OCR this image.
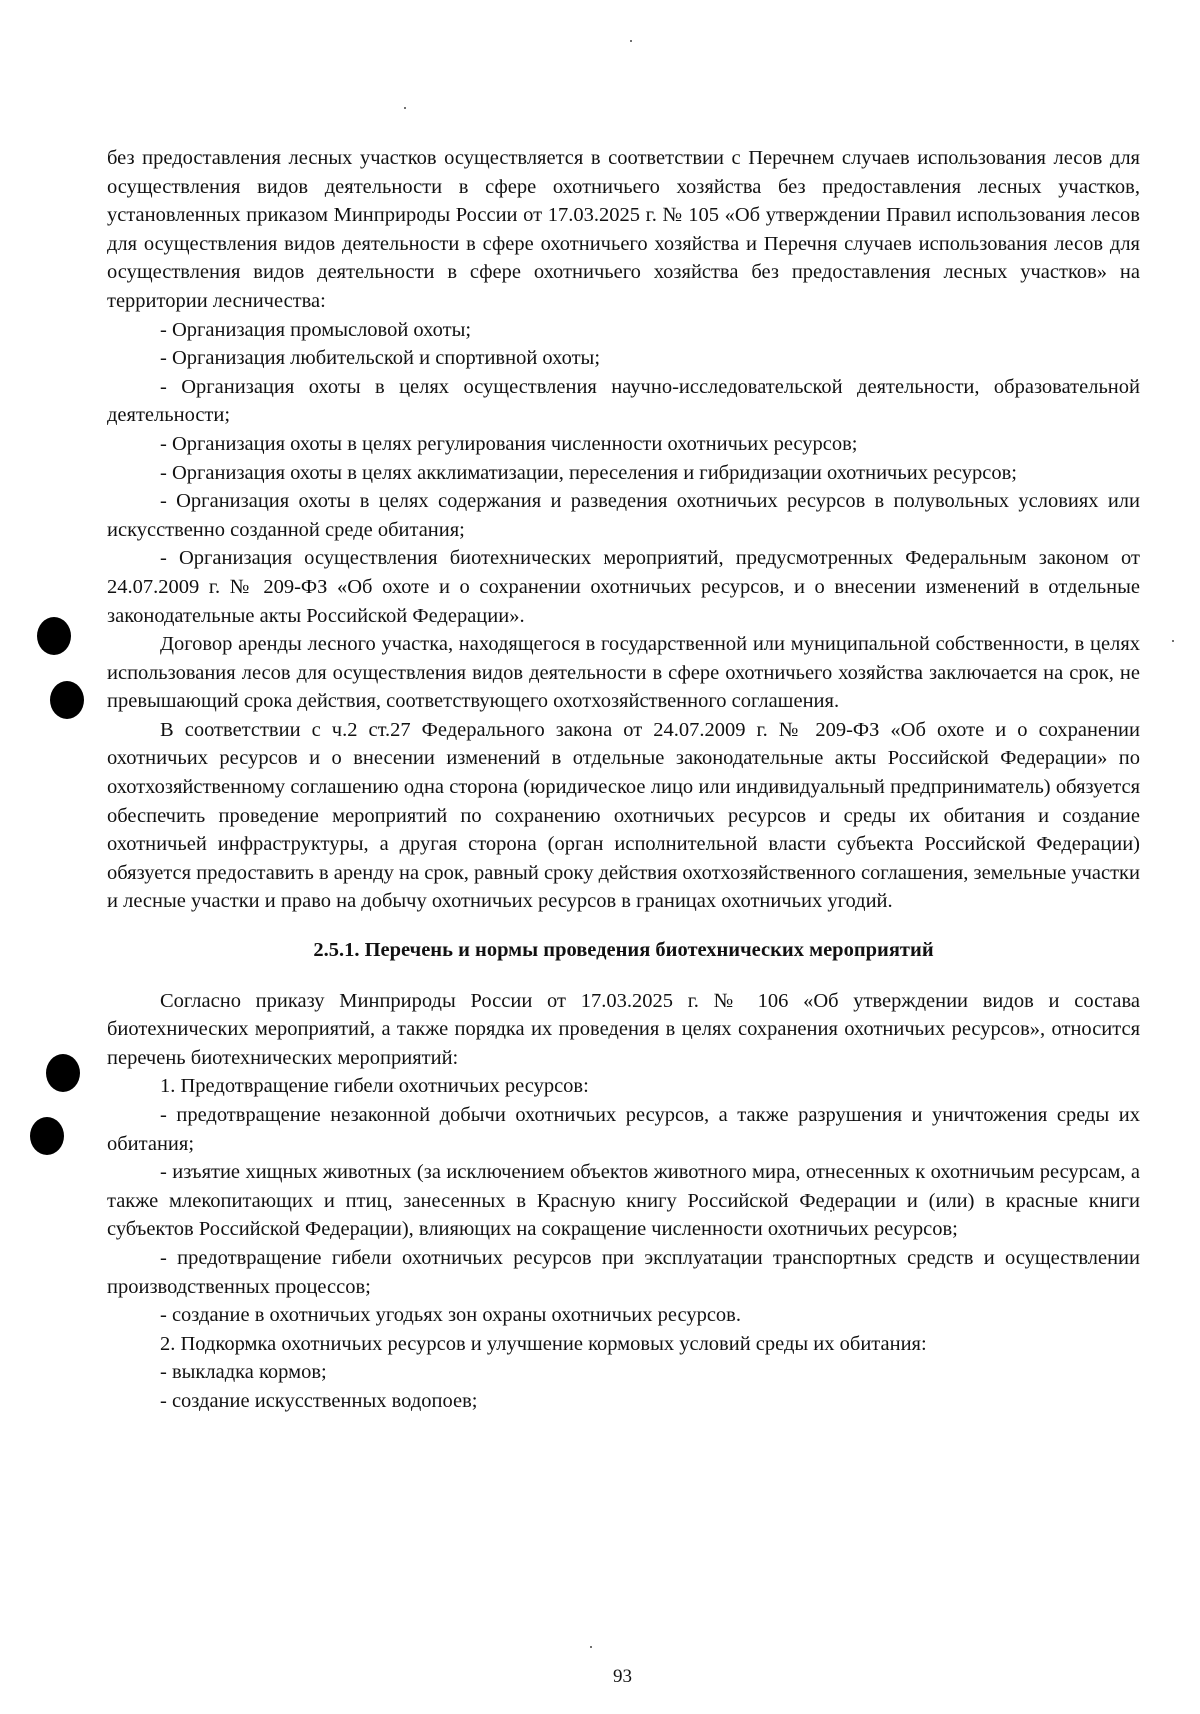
без предоставления лесных участков осуществляется в соответствии с Перечнем случаев использования лесов для осуществления видов деятельности в сфере охотничьего хозяйства без предоставления лесных участков, установленных приказом Минприроды России от 17.03.2025 г. № 105 «Об утверждении Правил использования лесов для осуществления видов деятельности в сфере охотничьего хозяйства и Перечня случаев использования лесов для осуществления видов деятельности в сфере охотничьего хозяйства без предоставления лесных участков» на территории лесничества:

- Организация промысловой охоты;

- Организация любительской и спортивной охоты;

- Организация охоты в целях осуществления научно-исследовательской деятельности, образовательной деятельности;

- Организация охоты в целях регулирования численности охотничьих ресурсов;

- Организация охоты в целях акклиматизации, переселения и гибридизации охотничьих ресурсов;

- Организация охоты в целях содержания и разведения охотничьих ресурсов в полувольных условиях или искусственно созданной среде обитания;

- Организация осуществления биотехнических мероприятий, предусмотренных Федеральным законом от 24.07.2009 г. № 209-ФЗ «Об охоте и о сохранении охотничьих ресурсов, и о внесении изменений в отдельные законодательные акты Российской Федерации».

Договор аренды лесного участка, находящегося в государственной или муниципальной собственности, в целях использования лесов для осуществления видов деятельности в сфере охотничьего хозяйства заключается на срок, не превышающий срока действия, соответствующего охотхозяйственного соглашения.

В соответствии с ч.2 ст.27 Федерального закона от 24.07.2009 г. № 209-ФЗ «Об охоте и о сохранении охотничьих ресурсов и о внесении изменений в отдельные законодательные акты Российской Федерации» по охотхозяйственному соглашению одна сторона (юридическое лицо или индивидуальный предприниматель) обязуется обеспечить проведение мероприятий по сохранению охотничьих ресурсов и среды их обитания и создание охотничьей инфраструктуры, а другая сторона (орган исполнительной власти субъекта Российской Федерации) обязуется предоставить в аренду на срок, равный сроку действия охотхозяйственного соглашения, земельные участки и лесные участки и право на добычу охотничьих ресурсов в границах охотничьих угодий.

2.5.1. Перечень и нормы проведения биотехнических мероприятий

Согласно приказу Минприроды России от 17.03.2025 г. № 106 «Об утверждении видов и состава биотехнических мероприятий, а также порядка их проведения в целях сохранения охотничьих ресурсов», относится перечень биотехнических мероприятий:

1. Предотвращение гибели охотничьих ресурсов:

- предотвращение незаконной добычи охотничьих ресурсов, а также разрушения и уничтожения среды их обитания;

- изъятие хищных животных (за исключением объектов животного мира, отнесенных к охотничьим ресурсам, а также млекопитающих и птиц, занесенных в Красную книгу Российской Федерации и (или) в красные книги субъектов Российской Федерации), влияющих на сокращение численности охотничьих ресурсов;

- предотвращение гибели охотничьих ресурсов при эксплуатации транспортных средств и осуществлении производственных процессов;

- создание в охотничьих угодьях зон охраны охотничьих ресурсов.

2. Подкормка охотничьих ресурсов и улучшение кормовых условий среды их обитания:

- выкладка кормов;

- создание искусственных водопоев;

93
